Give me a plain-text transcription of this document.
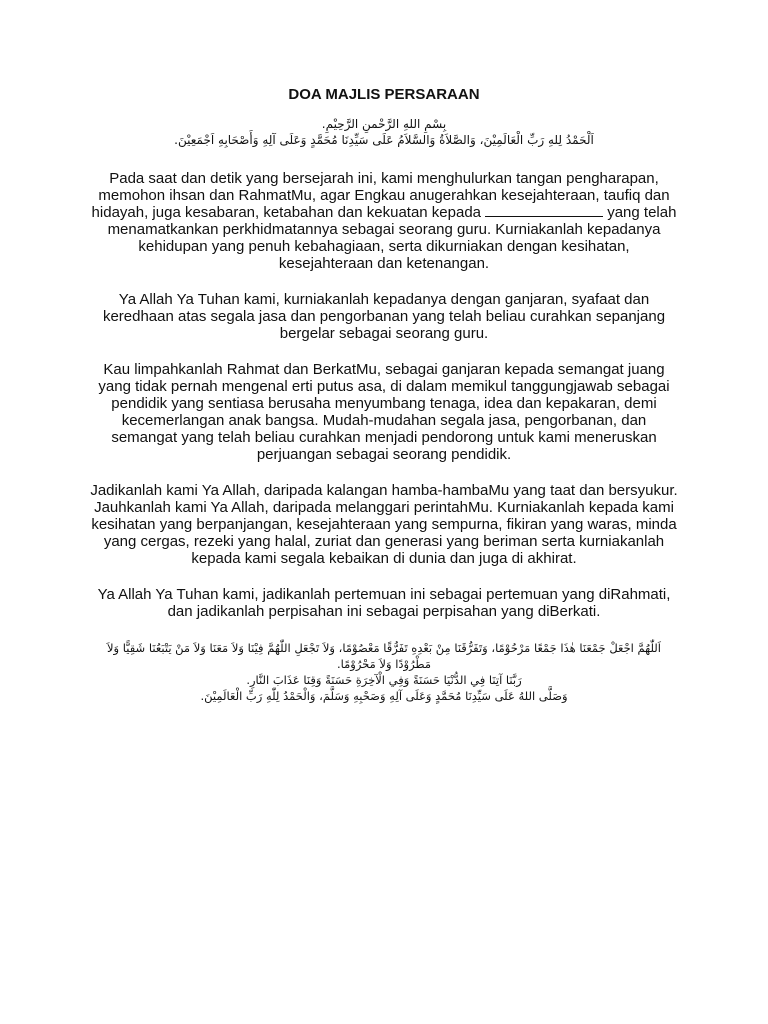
DOA MAJLIS PERSARAAN

بِسْمِ اللهِ الرَّحْمنِ الرَّحِيْمِ.

اَلْحَمْدُ لِلهِ رَبِّ الْعَالَمِيْنَ، وَالصَّلاَةُ وَالسَّلاَمُ عَلَى سَيِّدِنَا مُحَمَّدٍ وَعَلَى آلِهِ وَأَصْحَابِهِ اَجْمَعِيْنَ.

Pada saat dan detik yang bersejarah ini, kami menghulurkan tangan pengharapan, memohon ihsan dan RahmatMu, agar Engkau anugerahkan kesejahteraan, taufiq dan hidayah, juga kesabaran, ketabahan dan kekuatan kepada	yang telah menamatkankan perkhidmatannya sebagai seorang guru. Kurniakanlah kepadanya kehidupan yang penuh kebahagiaan, serta dikurniakan dengan kesihatan, kesejahteraan dan ketenangan.

Ya Allah Ya Tuhan kami, kurniakanlah kepadanya dengan ganjaran, syafaat dan keredhaan atas segala jasa dan pengorbanan yang telah beliau curahkan sepanjang bergelar sebagai seorang guru.

Kau limpahkanlah Rahmat dan BerkatMu, sebagai ganjaran kepada semangat juang yang tidak pernah mengenal erti putus asa, di dalam memikul tanggungjawab sebagai pendidik yang sentiasa berusaha menyumbang tenaga, idea dan kepakaran, demi kecemerlangan anak bangsa. Mudah-mudahan segala jasa, pengorbanan, dan semangat yang telah beliau curahkan menjadi pendorong untuk kami meneruskan perjuangan sebagai seorang pendidik.

Jadikanlah kami Ya Allah, daripada kalangan hamba-hambaMu yang taat dan bersyukur. Jauhkanlah kami Ya Allah, daripada melanggari perintahMu. Kurniakanlah kepada kami kesihatan yang berpanjangan, kesejahteraan yang sempurna, fikiran yang waras, minda yang cergas, rezeki yang halal, zuriat dan generasi yang beriman serta kurniakanlah kepada kami segala kebaikan di dunia dan juga di akhirat.

Ya Allah Ya Tuhan kami, jadikanlah pertemuan ini sebagai pertemuan yang diRahmati, dan jadikanlah perpisahan ini sebagai perpisahan yang diBerkati.

اَللّٰهُمَّ اجْعَلْ جَمْعَنَا هٰذَا جَمْعًا مَرْحُوْمًا، وَتَفَرُّقَنَا مِنْ بَعْدِهِ تَفَرُّقًا مَعْصُوْمًا، وَلاَ تَجْعَلِ اللّٰهُمَّ فِيْنَا وَلاَ مَعَنَا وَلاَ مَنْ يَتْبَعُنَا شَقِيًّا وَلاَ مَطْرُوْدًا وَلاَ مَحْرُوْمًا.

رَبَّنَا آتِنَا فِي الدُّنْيَا حَسَنَةً وَفِي الْآخِرَةِ حَسَنَةً وَقِنَا عَذَابَ النَّارِ.

وَصَلَّى اللهُ عَلَى سَيِّدِنَا مُحَمَّدٍ وَعَلَى آلِهِ وَصَحْبِهِ وَسَلَّمَ، وَالْحَمْدُ لِلّٰهِ رَبِّ الْعَالَمِيْنَ.
